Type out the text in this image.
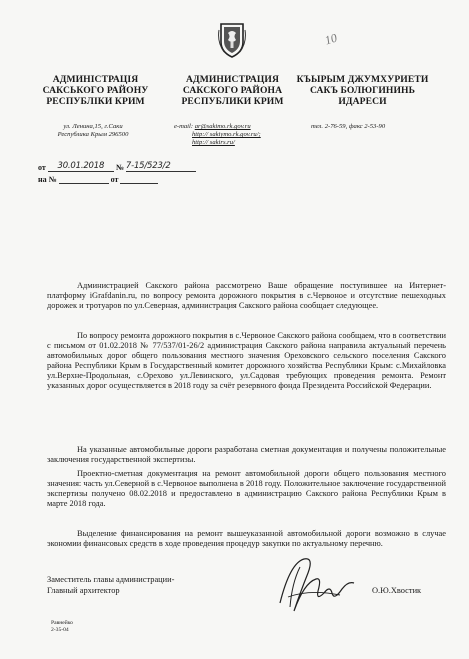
10
АДМИНІСТРАЦІЯ
САКСЬКОГО РАЙОНУ
РЕСПУБЛІКИ КРИМ
АДМИНИСТРАЦИЯ
САКСКОГО РАЙОНА
РЕСПУБЛИКИ КРИМ
КЪЫРЫМ ДЖУМХУРИЕТИ
САКЪ БОЛЮГИНИНЬ
ИДАРЕСИ
ул. Ленина,15, г.Саки
Республика Крым 296500
e-mail: ar@sakimo.rk.gov.ru
http:// sakiymo.rk.gov.ru/;
http:// sakirs.ru/
тел. 2-76-59, факс 2-53-90
от 30.01.2018 № 7-15/523/2
на №	от

Администрацией Сакского района рассмотрено Ваше обращение поступившее на Интернет-платформу iGrafdanin.ru, по вопросу ремонта дорожного покрытия в с.Червоное и отсутствие пешеходных дорожек и тротуаров по ул.Северная, администрация Сакского района сообщает следующее.

По вопросу ремонта дорожного покрытия в с.Червоное Сакского района сообщаем, что в соответствии с письмом от 01.02.2018 № 77/537/01-26/2 администрация Сакского района направила актуальный перечень автомобильных дорог общего пользования местного значения Ореховского сельского поселения Сакского района Республики Крым в Государственный комитет дорожного хозяйства Республики Крым: с.Михайловка ул.Верхне-Продольная, с.Орехово ул.Левинского, ул.Садовая требующих проведения ремонта. Ремонт указанных дорог осуществляется в 2018 году за счёт резервного фонда Президента Российской Федерации.

На указанные автомобильные дороги разработана сметная документация и получены положительные заключения государственной экспертизы.

Проектно-сметная документация на ремонт автомобильной дороги общего пользования местного значения: часть ул.Северной в с.Червоное выполнена в 2018 году. Положительное заключение государственной экспертизы получено 08.02.2018 и предоставлено в администрацию Сакского района Республики Крым в марте 2018 года.

Выделение финансирования на ремонт вышеуказанной автомобильной дороги возможно в случае экономии финансовых средств в ходе проведения процедур закупки по актуальному перечню.

Заместитель главы администрации-
Главный архитектор	О.Ю.Хвостик
Равнейко
2-35-04
